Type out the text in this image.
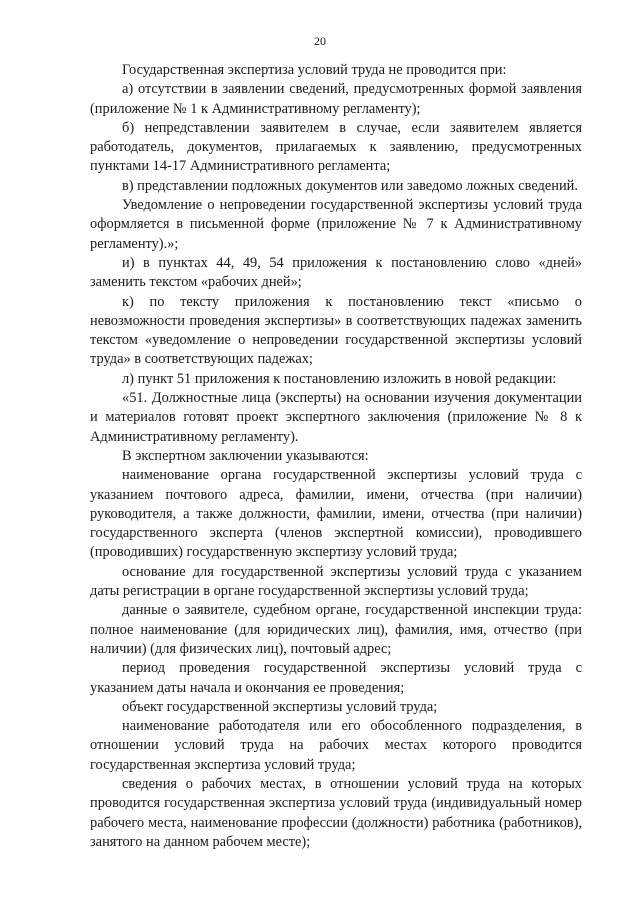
20

Государственная экспертиза условий труда не проводится при:

а) отсутствии в заявлении сведений, предусмотренных формой заявления (приложение № 1 к Административному регламенту);

б) непредставлении заявителем в случае, если заявителем является работодатель, документов, прилагаемых к заявлению, предусмотренных пунктами 14-17 Административного регламента;

в) представлении подложных документов или заведомо ложных сведений.

Уведомление о непроведении государственной экспертизы условий труда оформляется в письменной форме (приложение № 7 к Административному регламенту).»;

и) в пунктах 44, 49, 54 приложения к постановлению слово «дней» заменить текстом «рабочих дней»;

к) по тексту приложения к постановлению текст «письмо о невозможности проведения экспертизы» в соответствующих падежах заменить текстом «уведомление о непроведении государственной экспертизы условий труда» в соответствующих падежах;

л) пункт 51 приложения к постановлению изложить в новой редакции:

«51. Должностные лица (эксперты) на основании изучения документации и материалов готовят проект экспертного заключения (приложение № 8 к Административному регламенту).

В экспертном заключении указываются:

наименование органа государственной экспертизы условий труда с указанием почтового адреса, фамилии, имени, отчества (при наличии) руководителя, а также должности, фамилии, имени, отчества (при наличии) государственного эксперта (членов экспертной комиссии), проводившего (проводивших) государственную экспертизу условий труда;

основание для государственной экспертизы условий труда с указанием даты регистрации в органе государственной экспертизы условий труда;

данные о заявителе, судебном органе, государственной инспекции труда: полное наименование (для юридических лиц), фамилия, имя, отчество (при наличии) (для физических лиц), почтовый адрес;

период проведения государственной экспертизы условий труда с указанием даты начала и окончания ее проведения;

объект государственной экспертизы условий труда;

наименование работодателя или его обособленного подразделения, в отношении условий труда на рабочих местах которого проводится государственная экспертиза условий труда;

сведения о рабочих местах, в отношении условий труда на которых проводится государственная экспертиза условий труда (индивидуальный номер рабочего места, наименование профессии (должности) работника (работников), занятого на данном рабочем месте);
